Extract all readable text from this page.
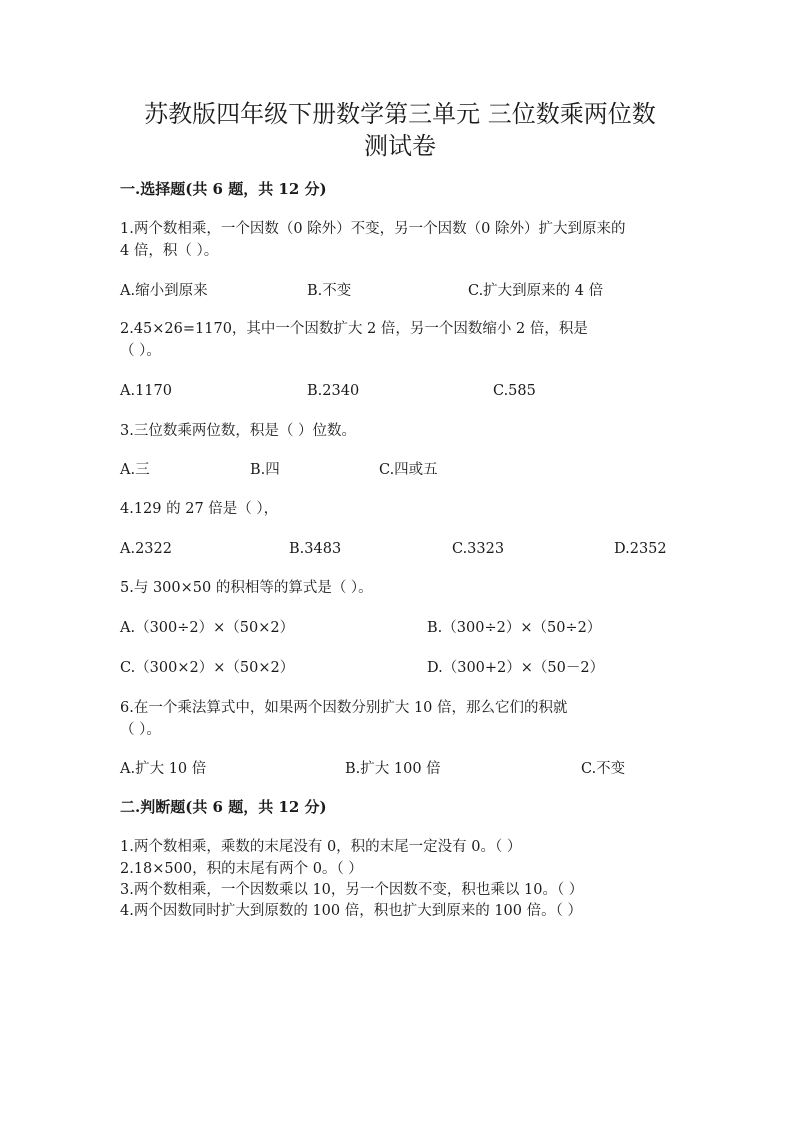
苏教版四年级下册数学第三单元 三位数乘两位数
测试卷
一.选择题(共 6 题，共 12 分)
1.两个数相乘，一个因数（0 除外）不变，另一个因数（0 除外）扩大到原来的
4 倍，积（ ）。
A.缩小到原来	B.不变	C.扩大到原来的 4 倍
2.45×26=1170，其中一个因数扩大 2 倍，另一个因数缩小 2 倍，积是
（ ）。
A.1170	B.2340	C.585
3.三位数乘两位数，积是（ ）位数。
A.三	B.四	C.四或五
4.129 的 27 倍是（ ），
A.2322	B.3483	C.3323	D.2352
5.与 300×50 的积相等的算式是（ ）。
A.（300÷2）×（50×2）	B.（300÷2）×（50÷2）
C.（300×2）×（50×2）	D.（300+2）×（50－2）
6.在一个乘法算式中，如果两个因数分别扩大 10 倍，那么它们的积就
（ ）。
A.扩大 10 倍	B.扩大 100 倍	C.不变
二.判断题(共 6 题，共 12 分)
1.两个数相乘，乘数的末尾没有 0，积的末尾一定没有 0。（ ）
2.18×500，积的末尾有两个 0。（ ）
3.两个数相乘，一个因数乘以 10，另一个因数不变，积也乘以 10。（ ）
4.两个因数同时扩大到原数的 100 倍，积也扩大到原来的 100 倍。（ ）
